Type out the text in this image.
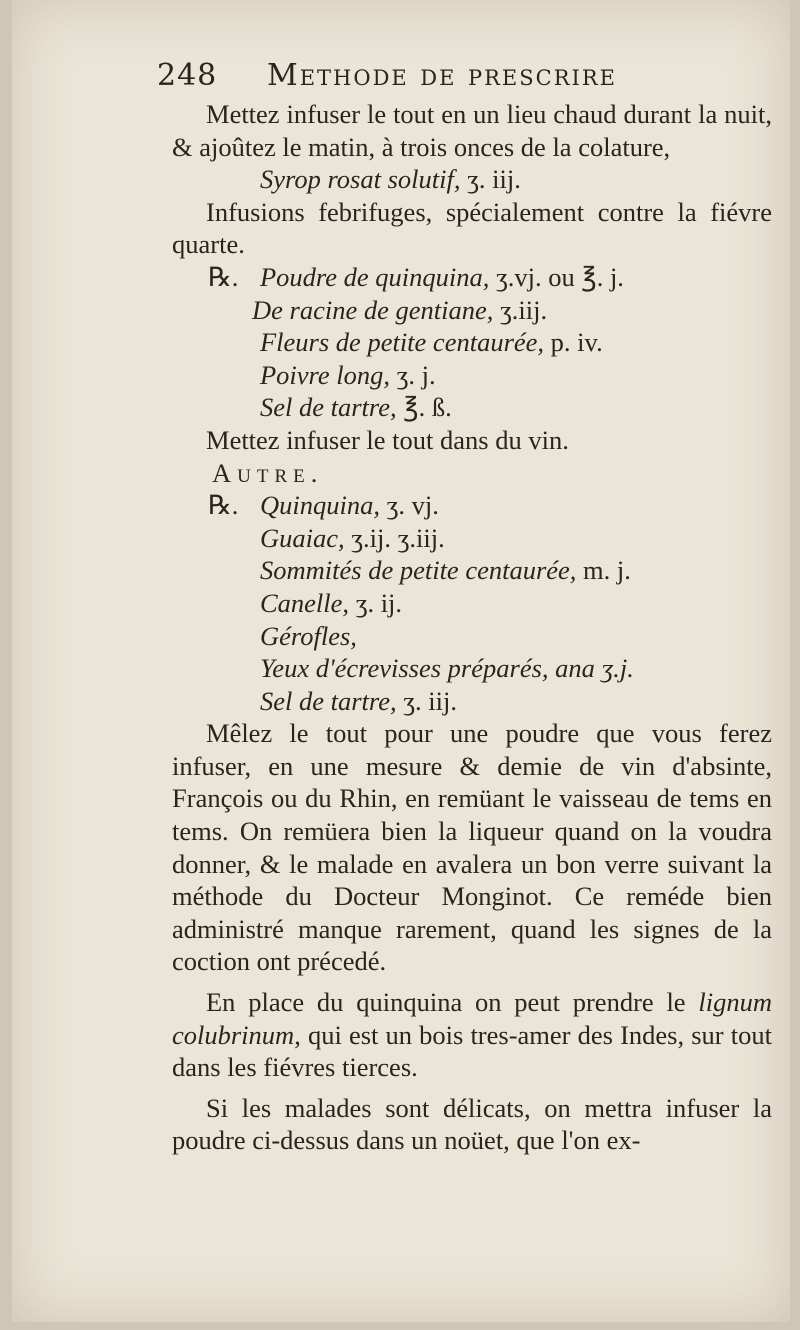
248 Methode de prescrire

Mettez infuser le tout en un lieu chaud durant la nuit, & ajoûtez le matin, à trois onces de la colature,

Syrop rosat solutif, ʒ. iij.

Infusions febrifuges, spécialement contre la fiévre quarte.

℞. Poudre de quinquina, ʒ.vj. ou ℥. j.
De racine de gentiane, ʒ.iij.
Fleurs de petite centaurée, p. iv.
Poivre long, ʒ. j.
Sel de tartre, ℥. ß.

Mettez infuser le tout dans du vin.

Autre.

℞. Quinquina, ʒ. vj.
Guaiac, ʒ.ij. ʒ.iij.
Sommités de petite centaurée, m. j.
Canelle, ʒ. ij.
Gérofles,
Yeux d'écrevisses préparés, ana ʒ.j.
Sel de tartre, ʒ. iij.

Mêlez le tout pour une poudre que vous ferez infuser, en une mesure & demie de vin d'absinte, François ou du Rhin, en remüant le vaisseau de tems en tems. On remüera bien la liqueur quand on la voudra donner, & le malade en avalera un bon verre suivant la méthode du Docteur Monginot. Ce reméde bien administré manque rarement, quand les signes de la coction ont précedé.

En place du quinquina on peut prendre le lignum colubrinum, qui est un bois tres-amer des Indes, sur tout dans les fiévres tierces.

Si les malades sont délicats, on mettra infuser la poudre ci-dessus dans un noüet, que l'on ex-
